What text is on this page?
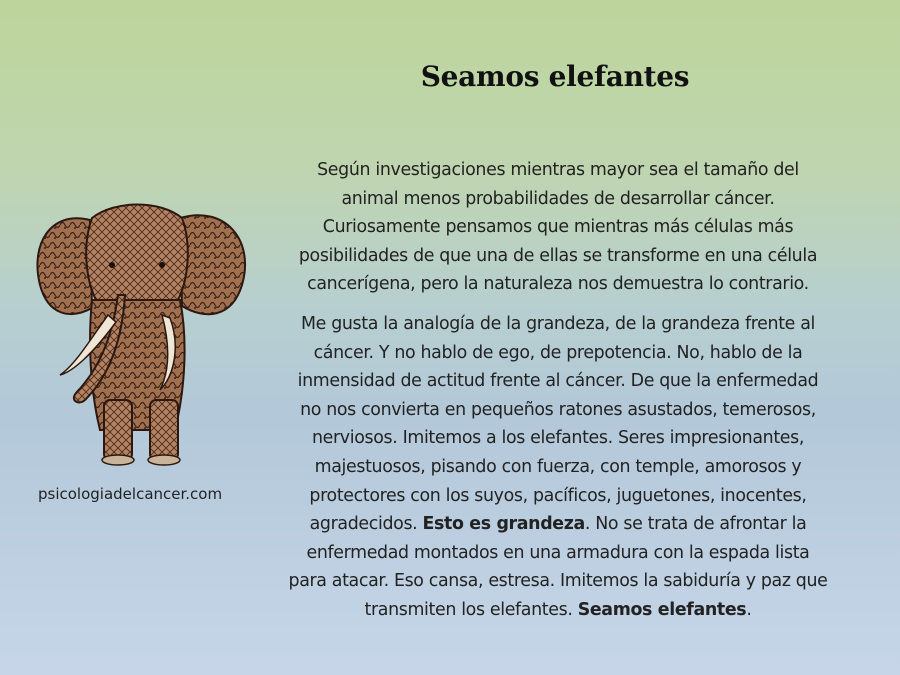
Seamos elefantes
psicologiadelcancer.com

Según investigaciones mientras mayor sea el tamaño del
animal menos probabilidades de desarrollar cáncer.
Curiosamente pensamos que mientras más células más
posibilidades de que una de ellas se transforme en una célula
cancerígena, pero la naturaleza nos demuestra lo contrario.

Me gusta la analogía de la grandeza, de la grandeza frente al
cáncer. Y no hablo de ego, de prepotencia. No, hablo de la
inmensidad de actitud frente al cáncer. De que la enfermedad
no nos convierta en pequeños ratones asustados, temerosos,
nerviosos. Imitemos a los elefantes. Seres impresionantes,
majestuosos, pisando con fuerza, con temple, amorosos y
protectores con los suyos, pacíficos, juguetones, inocentes,
agradecidos. Esto es grandeza. No se trata de afrontar la
enfermedad montados en una armadura con la espada lista
para atacar. Eso cansa, estresa. Imitemos la sabiduría y paz que
transmiten los elefantes. Seamos elefantes.
